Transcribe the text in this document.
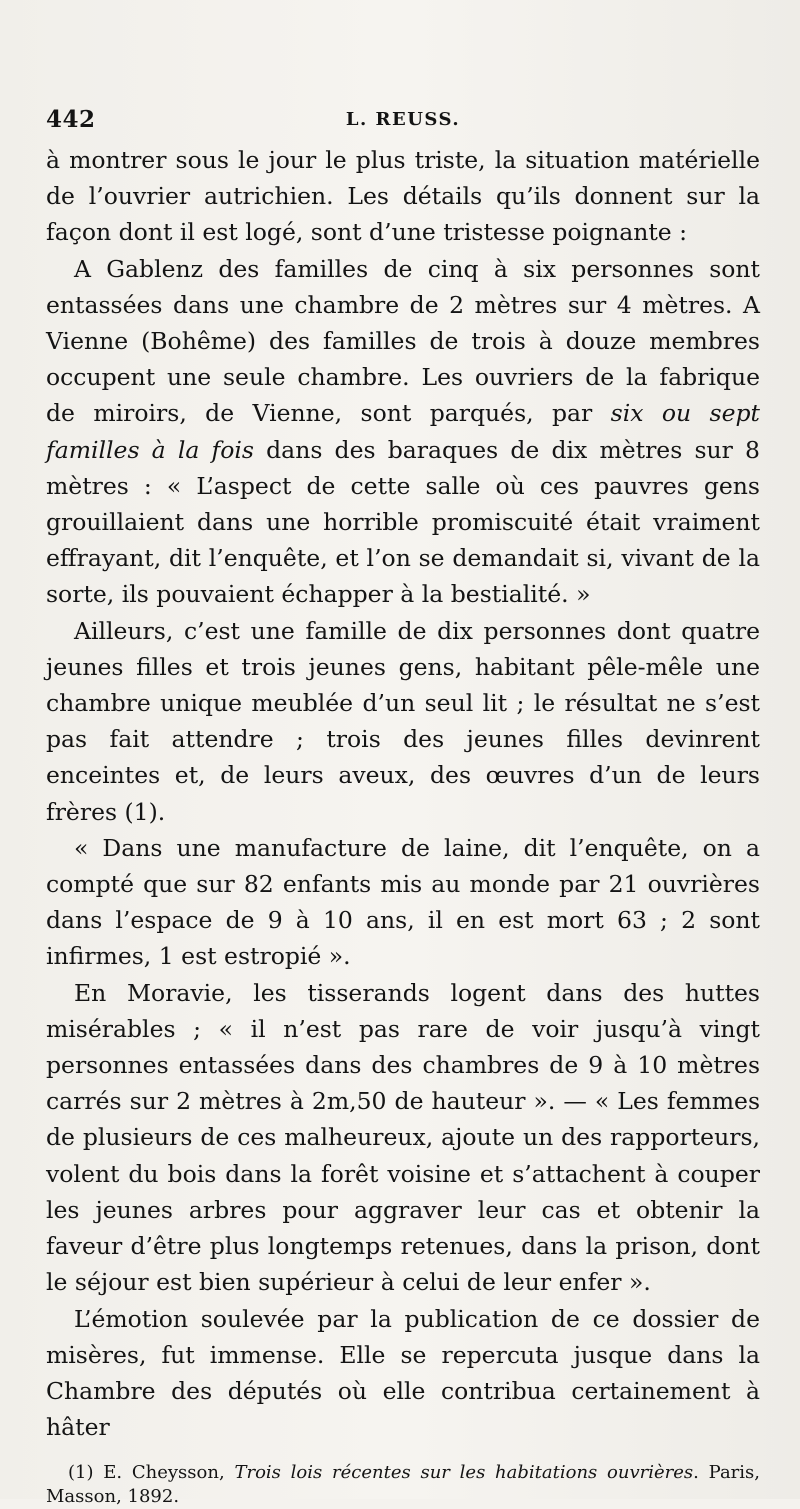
442	L. REUSS.

à montrer sous le jour le plus triste, la situation matérielle de l’ouvrier autrichien. Les détails qu’ils donnent sur la façon dont il est logé, sont d’une tristesse poignante :

A Gablenz des familles de cinq à six personnes sont entassées dans une chambre de 2 mètres sur 4 mètres. A Vienne (Bohême) des familles de trois à douze membres occupent une seule chambre. Les ouvriers de la fabrique de miroirs, de Vienne, sont parqués, par six ou sept familles à la fois dans des baraques de dix mètres sur 8 mètres : « L’aspect de cette salle où ces pauvres gens grouillaient dans une horrible promiscuité était vraiment effrayant, dit l’enquête, et l’on se demandait si, vivant de la sorte, ils pouvaient échapper à la bestialité. »

Ailleurs, c’est une famille de dix personnes dont quatre jeunes filles et trois jeunes gens, habitant pêle-mêle une chambre unique meublée d’un seul lit ; le résultat ne s’est pas fait attendre ; trois des jeunes filles devinrent enceintes et, de leurs aveux, des œuvres d’un de leurs frères (1).

« Dans une manufacture de laine, dit l’enquête, on a compté que sur 82 enfants mis au monde par 21 ouvrières dans l’espace de 9 à 10 ans, il en est mort 63 ; 2 sont infirmes, 1 est estropié ».

En Moravie, les tisserands logent dans des huttes misérables ; « il n’est pas rare de voir jusqu’à vingt personnes entassées dans des chambres de 9 à 10 mètres carrés sur 2 mètres à 2m,50 de hauteur ». — « Les femmes de plusieurs de ces malheureux, ajoute un des rapporteurs, volent du bois dans la forêt voisine et s’attachent à couper les jeunes arbres pour aggraver leur cas et obtenir la faveur d’être plus longtemps retenues, dans la prison, dont le séjour est bien supérieur à celui de leur enfer ».

L’émotion soulevée par la publication de ce dossier de misères, fut immense. Elle se repercuta jusque dans la Chambre des députés où elle contribua certainement à hâter

(1) E. Cheysson, Trois lois récentes sur les habitations ouvrières. Paris, Masson, 1892.
